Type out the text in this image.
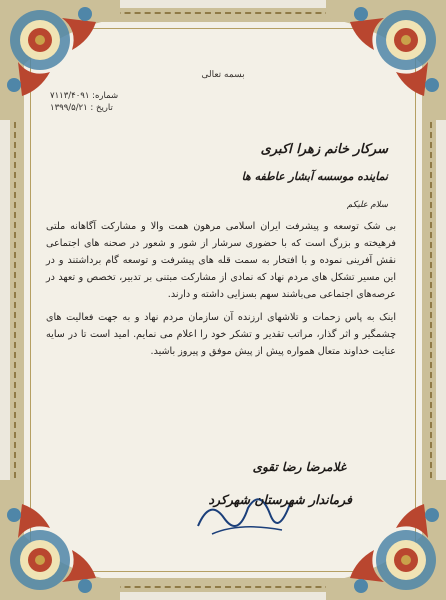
بسمه تعالی
شماره: ۷۱۱۳/۴۰۹۱
تاریخ : ۱۳۹۹/۵/۲۱
سرکار خانم زهرا اکبری
نماینده موسسه آبشار عاطفه ها
سلام علیکم

بی شک توسعه و پیشرفت ایران اسلامی مرهون همت والا و مشارکت آگاهانه ملتی فرهیخته و بزرگ است که با حضوری سرشار از شور و شعور در صحنه های اجتماعی نقش آفرینی نموده و با افتخار به سمت قله های پیشرفت و توسعه گام برداشتند و در این مسیر تشکل های مردم نهاد که نمادی از مشارکت مبتنی بر تدبیر، تخصص و تعهد در عرصه‌های اجتماعی می‌باشند سهم بسزایی داشته و دارند.

اینک به پاس زحمات و تلاشهای ارزنده آن سازمان مردم نهاد و به جهت فعالیت های چشمگیر و اثر گذار، مراتب تقدیر و تشکر خود را اعلام می نمایم. امید است تا در سایه عنایت خداوند متعال همواره پیش از پیش موفق و پیروز باشید.

غلامرضا رضا تقوی
فرماندار شهرستان شهرکرد
